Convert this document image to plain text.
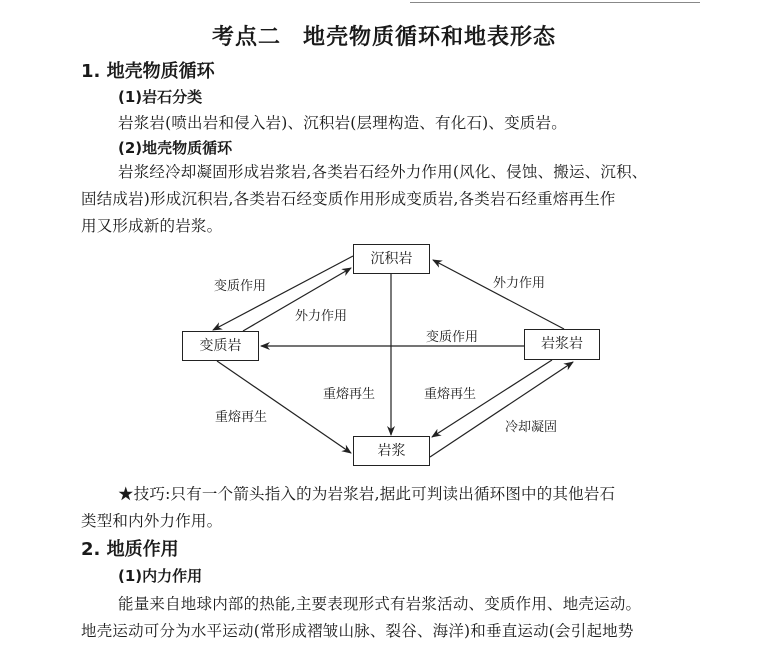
考点二 地壳物质循环和地表形态
1. 地壳物质循环
(1)岩石分类
岩浆岩(喷出岩和侵入岩)、沉积岩(层理构造、有化石)、变质岩。
(2)地壳物质循环
岩浆经冷却凝固形成岩浆岩,各类岩石经外力作用(风化、侵蚀、搬运、沉积、
固结成岩)形成沉积岩,各类岩石经变质作用形成变质岩,各类岩石经重熔再生作
用又形成新的岩浆。
沉积岩
变质岩	岩浆岩
岩浆
变质作用
外力作用
外力作用
变质作用
重熔再生
重熔再生
重熔再生
冷却凝固
★技巧:只有一个箭头指入的为岩浆岩,据此可判读出循环图中的其他岩石
类型和内外力作用。
2. 地质作用
(1)内力作用
能量来自地球内部的热能,主要表现形式有岩浆活动、变质作用、地壳运动。
地壳运动可分为水平运动(常形成褶皱山脉、裂谷、海洋)和垂直运动(会引起地势
